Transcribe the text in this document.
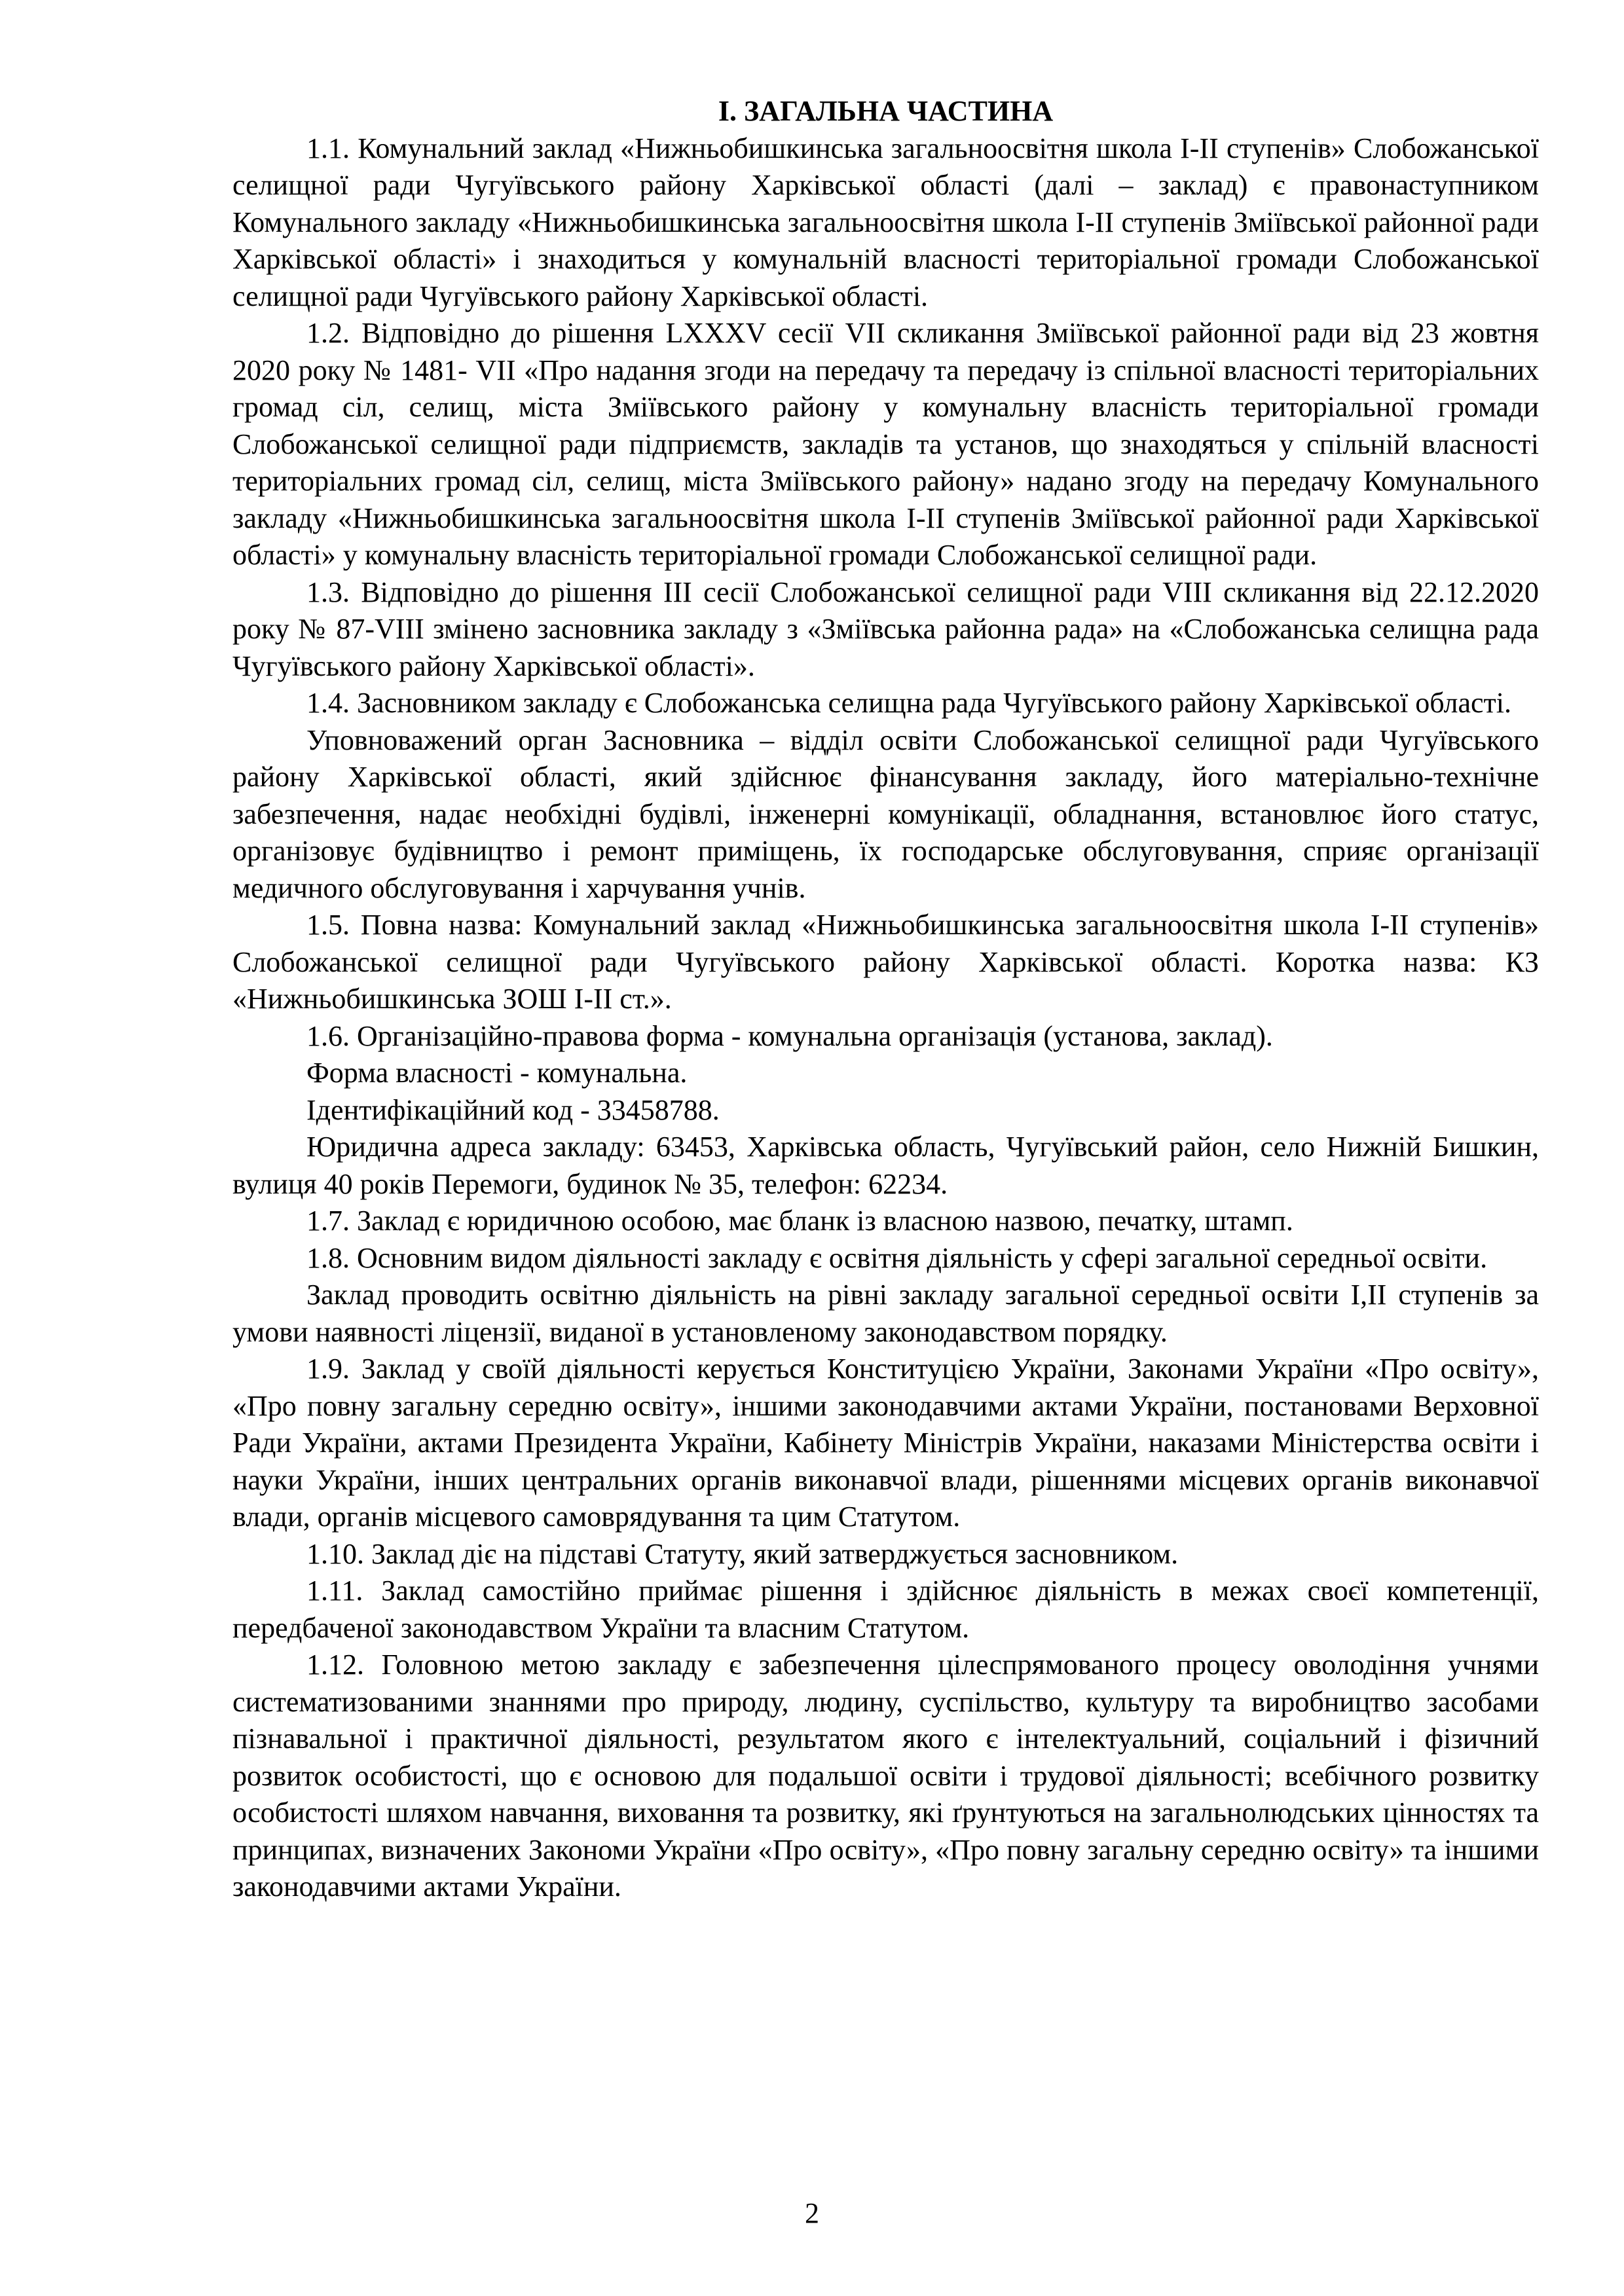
I. ЗАГАЛЬНА ЧАСТИНА

1.1. Комунальний заклад «Нижньобишкинська загальноосвітня школа І-ІІ ступенів» Слобожанської селищної ради Чугуївського району Харківської області (далі – заклад) є правонаступником Комунального закладу «Нижньобишкинська загальноосвітня школа І-ІІ ступенів Зміївської районної ради Харківської області» і знаходиться у комунальній власності територіальної громади Слобожанської селищної ради Чугуївського району Харківської області.

1.2. Відповідно до рішення LXXXV сесії VІІ скликання Зміївської районної ради від 23 жовтня 2020 року № 1481- VІІ «Про надання згоди на передачу та передачу із спільної власності територіальних громад сіл, селищ, міста Зміївського району у комунальну власність територіальної громади Слобожанської селищної ради підприємств, закладів та установ, що знаходяться у спільній власності територіальних громад сіл, селищ, міста Зміївського району» надано згоду на передачу Комунального закладу «Нижньобишкинська загальноосвітня школа І-ІІ ступенів Зміївської районної ради Харківської області» у комунальну власність територіальної громади Слобожанської селищної ради.

1.3. Відповідно до рішення ІІІ сесії Слобожанської селищної ради VІІІ скликання від 22.12.2020 року № 87-VIII змінено засновника закладу з «Зміївська районна рада» на «Слобожанська селищна рада Чугуївського району Харківської області».

1.4. Засновником закладу є Слобожанська селищна рада Чугуївського району Харківської області.

Уповноважений орган Засновника – відділ освіти Слобожанської селищної ради Чугуївського району Харківської області, який здійснює фінансування закладу, його матеріально-технічне забезпечення, надає необхідні будівлі, інженерні комунікації, обладнання, встановлює його статус, організовує будівництво і ремонт приміщень, їх господарське обслуговування, сприяє організації медичного обслуговування і харчування учнів.

1.5. Повна назва: Комунальний заклад «Нижньобишкинська загальноосвітня школа І-ІІ ступенів» Слобожанської селищної ради Чугуївського району Харківської області. Коротка назва: КЗ «Нижньобишкинська ЗОШ І-ІІ ст.».

1.6. Організаційно-правова форма - комунальна організація (установа, заклад).

Форма власності - комунальна.

Ідентифікаційний код - 33458788.

Юридична адреса закладу: 63453, Харківська область, Чугуївський район, село Нижній Бишкин, вулиця 40 років Перемоги, будинок № 35, телефон: 62234.

1.7. Заклад є юридичною особою, має бланк із власною назвою, печатку, штамп.

1.8. Основним видом діяльності закладу є освітня діяльність у сфері загальної середньої освіти.

Заклад проводить освітню діяльність на рівні закладу загальної середньої освіти І,ІІ ступенів за умови наявності ліцензії, виданої в установленому законодавством порядку.

1.9. Заклад у своїй діяльності керується Конституцією України, Законами України «Про освіту», «Про повну загальну середню освіту», іншими законодавчими актами України, постановами Верховної Ради України, актами Президента України, Кабінету Міністрів України, наказами Міністерства освіти і науки України, інших центральних органів виконавчої влади, рішеннями місцевих органів виконавчої влади, органів місцевого самоврядування та цим Статутом.

1.10. Заклад діє на підставі Статуту, який затверджується засновником.

1.11. Заклад самостійно приймає рішення і здійснює діяльність в межах своєї компетенції, передбаченої законодавством України та власним Статутом.

1.12. Головною метою закладу є забезпечення цілеспрямованого процесу оволодіння учнями систематизованими знаннями про природу, людину, суспільство, культуру та виробництво засобами пізнавальної і практичної діяльності, результатом якого є інтелектуальний, соціальний і фізичний розвиток особистості, що є основою для подальшої освіти і трудової діяльності; всебічного розвитку особистості шляхом навчання, виховання та розвитку, які ґрунтуються на загальнолюдських цінностях та принципах, визначених Закономи України «Про освіту», «Про повну загальну середню освіту» та іншими законодавчими актами України.

2
